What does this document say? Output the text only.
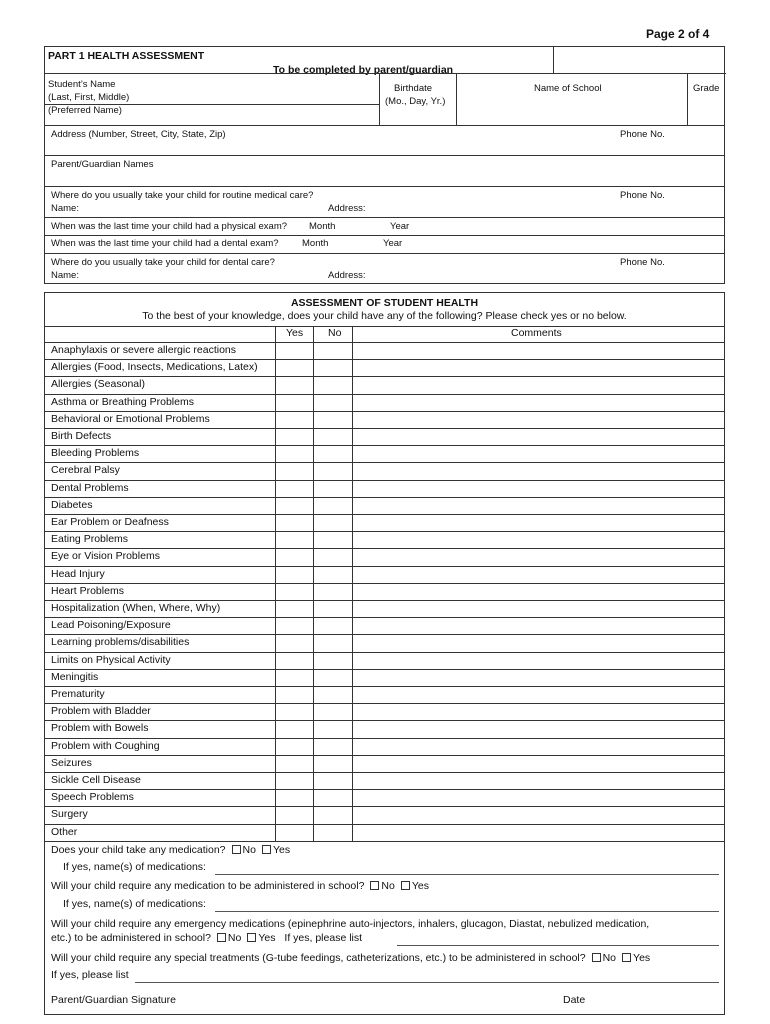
Page 2 of 4
PART 1 HEALTH ASSESSMENT
To be completed by parent/guardian
Student’s Name
(Last, First, Middle)
(Preferred Name)
Birthdate
(Mo., Day, Yr.)
Name of School	Grade
Address (Number, Street, City, State, Zip)	Phone No.
Parent/Guardian Names
Where do you usually take your child for routine medical care?	Phone No.
Name:	Address:
When was the last time your child had a physical exam? Month	Year
When was the last time your child had a dental exam? Month	Year
Where do you usually take your child for dental care?	Phone No.
Name:	Address:
ASSESSMENT OF STUDENT HEALTH
To the best of your knowledge, does your child have any of the following? Please check yes or no below.
Yes No	Comments
Anaphylaxis or severe allergic reactions
Allergies (Food, Insects, Medications, Latex)
Allergies (Seasonal)
Asthma or Breathing Problems
Behavioral or Emotional Problems
Birth Defects
Bleeding Problems
Cerebral Palsy
Dental Problems
Diabetes
Ear Problem or Deafness
Eating Problems
Eye or Vision Problems
Head Injury
Heart Problems
Hospitalization (When, Where, Why)
Lead Poisoning/Exposure
Learning problems/disabilities
Limits on Physical Activity
Meningitis
Prematurity
Problem with Bladder
Problem with Bowels
Problem with Coughing
Seizures
Sickle Cell Disease
Speech Problems
Surgery
Other
Does your child take any medication? No Yes
If yes, name(s) of medications:
Will your child require any medication to be administered in school? No Yes
If yes, name(s) of medications:
Will your child require any emergency medications (epinephrine auto-injectors, inhalers, glucagon, Diastat, nebulized medication,
etc.) to be administered in school? No Yes If yes, please list
Will your child require any special treatments (G-tube feedings, catheterizations, etc.) to be administered in school? No Yes
If yes, please list
Parent/Guardian Signature	Date
